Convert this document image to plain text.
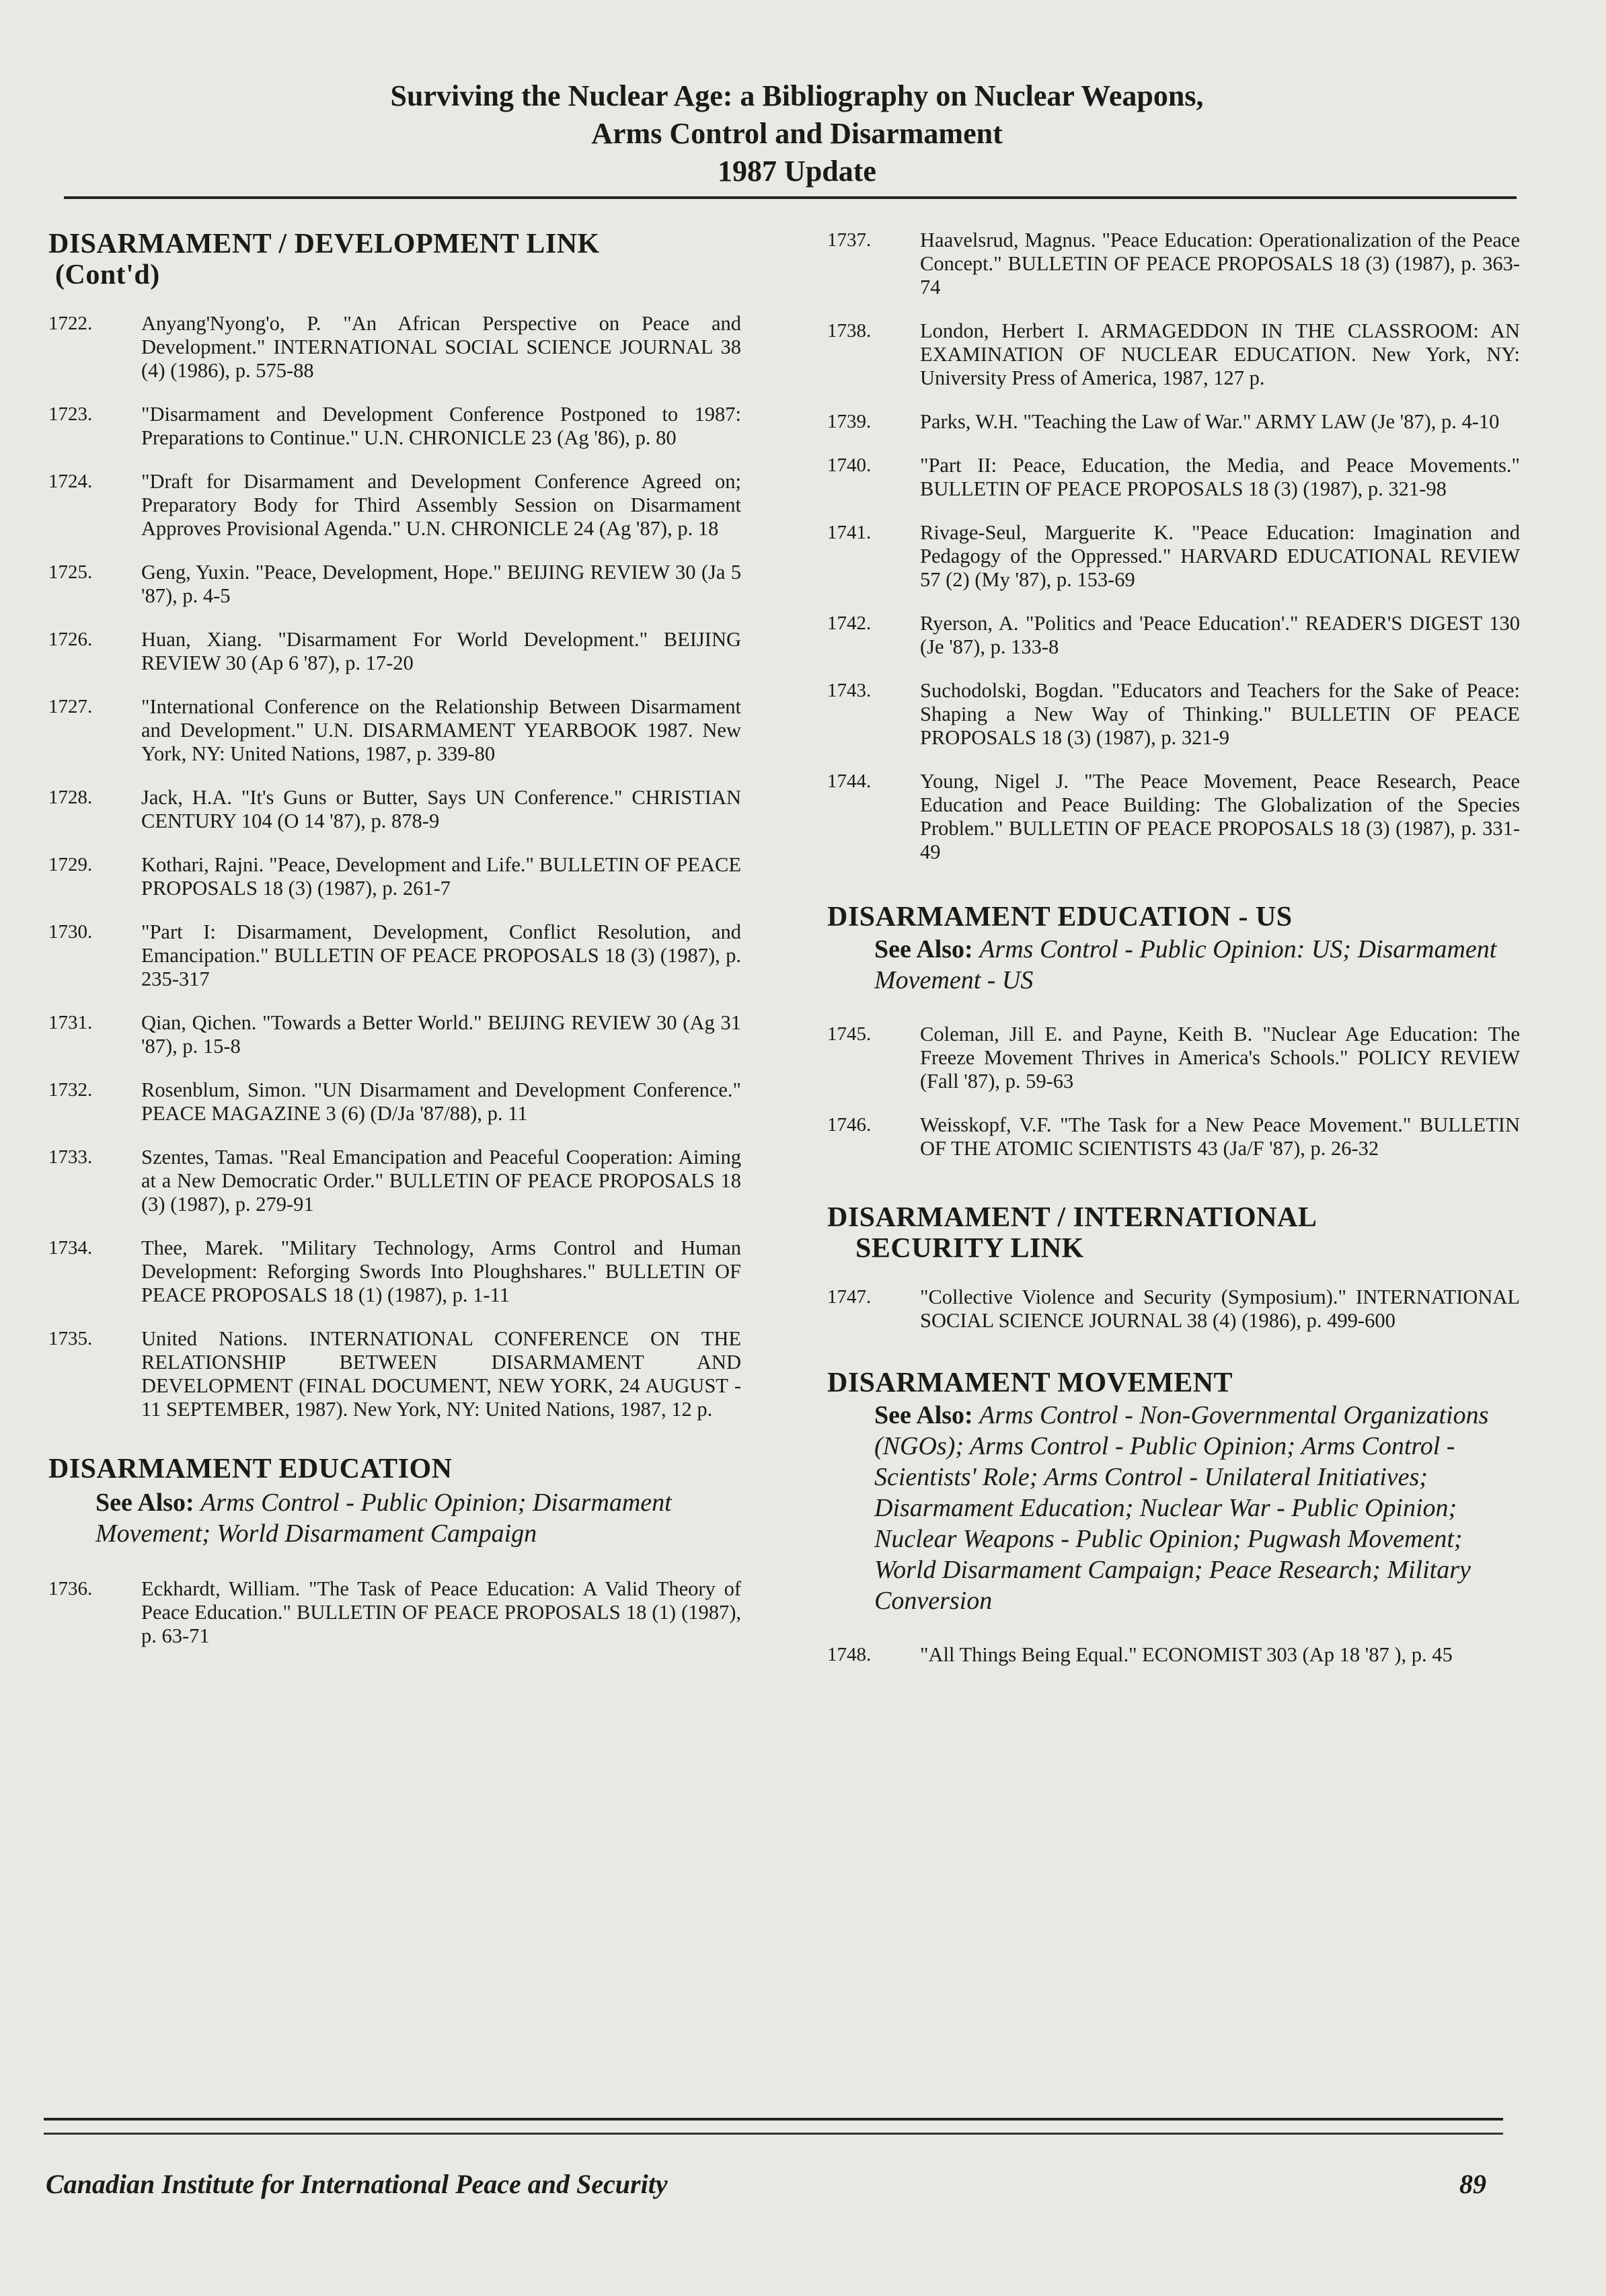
Surviving the Nuclear Age: a Bibliography on Nuclear Weapons,
Arms Control and Disarmament
1987 Update
DISARMAMENT / DEVELOPMENT LINK
(Cont'd)
1722.	Anyang'Nyong'o, P. "An African Perspective on Peace and Development." INTERNATIONAL SOCIAL SCIENCE JOURNAL 38 (4) (1986), p. 575-88
1723.	"Disarmament and Development Conference Postponed to 1987: Preparations to Continue." U.N. CHRONICLE 23 (Ag '86), p. 80
1724.	"Draft for Disarmament and Development Conference Agreed on; Preparatory Body for Third Assembly Session on Disarmament Approves Provisional Agenda." U.N. CHRONICLE 24 (Ag '87), p. 18
1725.	Geng, Yuxin. "Peace, Development, Hope." BEIJING REVIEW 30 (Ja 5 '87), p. 4-5
1726.	Huan, Xiang. "Disarmament For World Development." BEIJING REVIEW 30 (Ap 6 '87), p. 17-20
1727.	"International Conference on the Relationship Between Disarmament and Development." U.N. DISARMAMENT YEARBOOK 1987. New York, NY: United Nations, 1987, p. 339-80
1728.	Jack, H.A. "It's Guns or Butter, Says UN Conference." CHRISTIAN CENTURY 104 (O 14 '87), p. 878-9
1729.	Kothari, Rajni. "Peace, Development and Life." BULLETIN OF PEACE PROPOSALS 18 (3) (1987), p. 261-7
1730.	"Part I: Disarmament, Development, Conflict Resolution, and Emancipation." BULLETIN OF PEACE PROPOSALS 18 (3) (1987), p. 235-317
1731.	Qian, Qichen. "Towards a Better World." BEIJING REVIEW 30 (Ag 31 '87), p. 15-8
1732.	Rosenblum, Simon. "UN Disarmament and Development Conference." PEACE MAGAZINE 3 (6) (D/Ja '87/88), p. 11
1733.	Szentes, Tamas. "Real Emancipation and Peaceful Cooperation: Aiming at a New Democratic Order." BULLETIN OF PEACE PROPOSALS 18 (3) (1987), p. 279-91
1734.	Thee, Marek. "Military Technology, Arms Control and Human Development: Reforging Swords Into Ploughshares." BULLETIN OF PEACE PROPOSALS 18 (1) (1987), p. 1-11
1735.	United Nations. INTERNATIONAL CONFERENCE ON THE RELATIONSHIP BETWEEN DISARMAMENT AND DEVELOPMENT (FINAL DOCUMENT, NEW YORK, 24 AUGUST - 11 SEPTEMBER, 1987). New York, NY: United Nations, 1987, 12 p.
DISARMAMENT EDUCATION
See Also: Arms Control - Public Opinion; Disarmament Movement; World Disarmament Campaign
1736.	Eckhardt, William. "The Task of Peace Education: A Valid Theory of Peace Education." BULLETIN OF PEACE PROPOSALS 18 (1) (1987), p. 63-71
1737.	Haavelsrud, Magnus. "Peace Education: Operationalization of the Peace Concept." BULLETIN OF PEACE PROPOSALS 18 (3) (1987), p. 363-74
1738.	London, Herbert I. ARMAGEDDON IN THE CLASSROOM: AN EXAMINATION OF NUCLEAR EDUCATION. New York, NY: University Press of America, 1987, 127 p.
1739.	Parks, W.H. "Teaching the Law of War." ARMY LAW (Je '87), p. 4-10
1740.	"Part II: Peace, Education, the Media, and Peace Movements." BULLETIN OF PEACE PROPOSALS 18 (3) (1987), p. 321-98
1741.	Rivage-Seul, Marguerite K. "Peace Education: Imagination and Pedagogy of the Oppressed." HARVARD EDUCATIONAL REVIEW 57 (2) (My '87), p. 153-69
1742.	Ryerson, A. "Politics and 'Peace Education'." READER'S DIGEST 130 (Je '87), p. 133-8
1743.	Suchodolski, Bogdan. "Educators and Teachers for the Sake of Peace: Shaping a New Way of Thinking." BULLETIN OF PEACE PROPOSALS 18 (3) (1987), p. 321-9
1744.	Young, Nigel J. "The Peace Movement, Peace Research, Peace Education and Peace Building: The Globalization of the Species Problem." BULLETIN OF PEACE PROPOSALS 18 (3) (1987), p. 331-49
DISARMAMENT EDUCATION - US
See Also: Arms Control - Public Opinion: US; Disarmament Movement - US
1745.	Coleman, Jill E. and Payne, Keith B. "Nuclear Age Education: The Freeze Movement Thrives in America's Schools." POLICY REVIEW (Fall '87), p. 59-63
1746.	Weisskopf, V.F. "The Task for a New Peace Movement." BULLETIN OF THE ATOMIC SCIENTISTS 43 (Ja/F '87), p. 26-32
DISARMAMENT / INTERNATIONAL
SECURITY LINK
1747.	"Collective Violence and Security (Symposium)." INTERNATIONAL SOCIAL SCIENCE JOURNAL 38 (4) (1986), p. 499-600
DISARMAMENT MOVEMENT
See Also: Arms Control - Non-Governmental Organizations (NGOs); Arms Control - Public Opinion; Arms Control - Scientists' Role; Arms Control - Unilateral Initiatives; Disarmament Education; Nuclear War - Public Opinion; Nuclear Weapons - Public Opinion; Pugwash Movement; World Disarmament Campaign; Peace Research; Military Conversion
1748.	"All Things Being Equal." ECONOMIST 303 (Ap 18 '87 ), p. 45
Canadian Institute for International Peace and Security	89
